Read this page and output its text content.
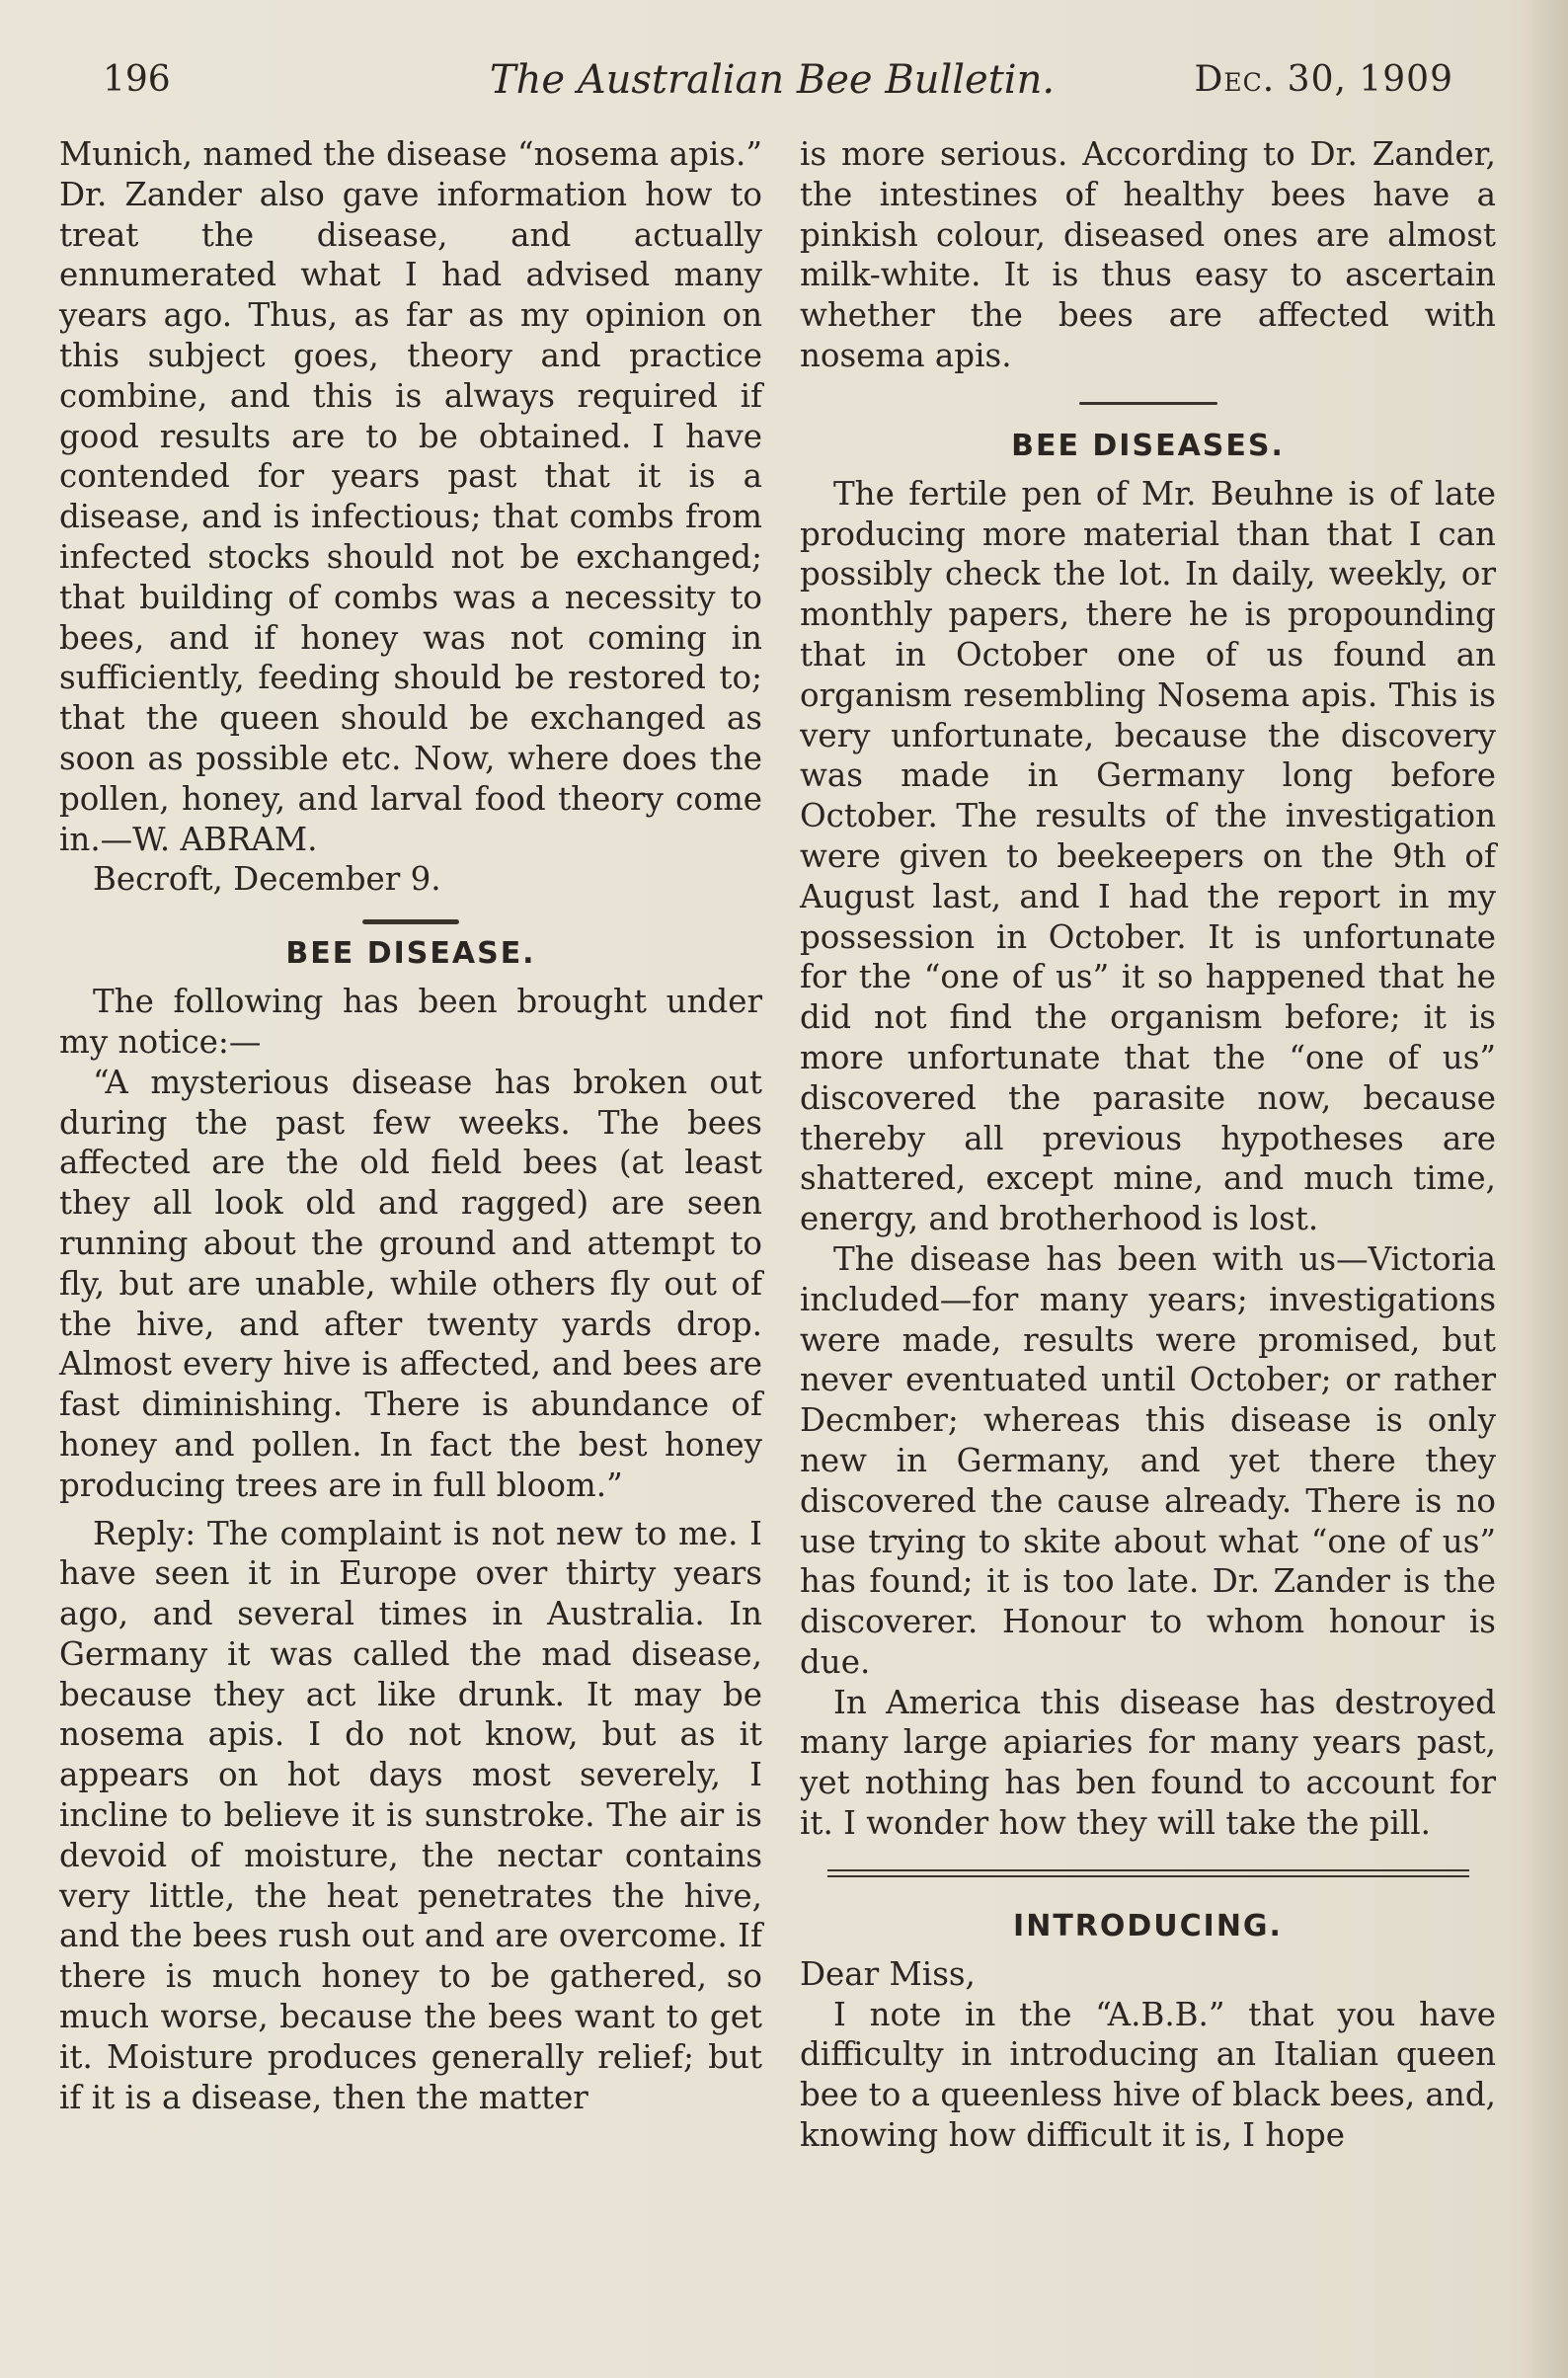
196	The Australian Bee Bulletin.	Dec. 30, 1909

Munich, named the disease “nosema apis.” Dr. Zander also gave information how to treat the disease, and actually ennumerated what I had advised many years ago. Thus, as far as my opinion on this subject goes, theory and practice combine, and this is always required if good results are to be obtained. I have contended for years past that it is a disease, and is infectious; that combs from infected stocks should not be exchanged; that building of combs was a necessity to bees, and if honey was not coming in sufficiently, feeding should be restored to; that the queen should be exchanged as soon as possible etc. Now, where does the pollen, honey, and larval food theory come in.—W. ABRAM.

Becroft, December 9.

BEE DISEASE.

The following has been brought under my notice:—

“A mysterious disease has broken out during the past few weeks. The bees affected are the old field bees (at least they all look old and ragged) are seen running about the ground and attempt to fly, but are unable, while others fly out of the hive, and after twenty yards drop. Almost every hive is affected, and bees are fast diminishing. There is abundance of honey and pollen. In fact the best honey producing trees are in full bloom.”

Reply: The complaint is not new to me. I have seen it in Europe over thirty years ago, and several times in Australia. In Germany it was called the mad disease, because they act like drunk. It may be nosema apis. I do not know, but as it appears on hot days most severely, I incline to believe it is sunstroke. The air is devoid of moisture, the nectar contains very little, the heat penetrates the hive, and the bees rush out and are overcome. If there is much honey to be gathered, so much worse, because the bees want to get it. Moisture produces generally relief; but if it is a disease, then the matter

is more serious. According to Dr. Zander, the intestines of healthy bees have a pinkish colour, diseased ones are almost milk-white. It is thus easy to ascertain whether the bees are affected with nosema apis.

BEE DISEASES.

The fertile pen of Mr. Beuhne is of late producing more material than that I can possibly check the lot. In daily, weekly, or monthly papers, there he is propounding that in October one of us found an organism resembling Nosema apis. This is very unfortunate, because the discovery was made in Germany long before October. The results of the investigation were given to beekeepers on the 9th of August last, and I had the report in my possession in October. It is unfortunate for the “one of us” it so happened that he did not find the organism before; it is more unfortunate that the “one of us” discovered the parasite now, because thereby all previous hypotheses are shattered, except mine, and much time, energy, and brotherhood is lost.

The disease has been with us—Victoria included—for many years; investigations were made, results were promised, but never eventuated until October; or rather Decmber; whereas this disease is only new in Germany, and yet there they discovered the cause already. There is no use trying to skite about what “one of us” has found; it is too late. Dr. Zander is the discoverer. Honour to whom honour is due.

In America this disease has destroyed many large apiaries for many years past, yet nothing has ben found to account for it. I wonder how they will take the pill.

INTRODUCING.

Dear Miss,

I note in the “A.B.B.” that you have difficulty in introducing an Italian queen bee to a queenless hive of black bees, and, knowing how difficult it is, I hope
